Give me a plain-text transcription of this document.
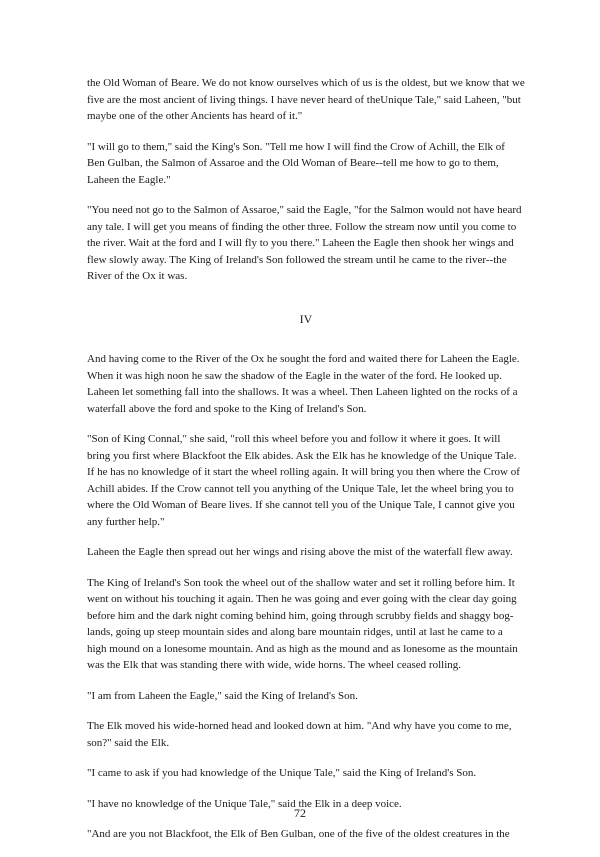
the Old Woman of Beare. We do not know ourselves which of us is the oldest, but we know that we five are the most ancient of living things. I have never heard of theUnique Tale," said Laheen, "but maybe one of the other Ancients has heard of it."

"I will go to them," said the King's Son. "Tell me how I will find the Crow of Achill, the Elk of Ben Gulban, the Salmon of Assaroe and the Old Woman of Beare--tell me how to go to them, Laheen the Eagle."

"You need not go to the Salmon of Assaroe," said the Eagle, "for the Salmon would not have heard any tale. I will get you means of finding the other three. Follow the stream now until you come to the river. Wait at the ford and I will fly to you there." Laheen the Eagle then shook her wings and flew slowly away. The King of Ireland's Son followed the stream until he came to the river--the River of the Ox it was.

IV

And having come to the River of the Ox he sought the ford and waited there for Laheen the Eagle. When it was high noon he saw the shadow of the Eagle in the water of the ford. He looked up. Laheen let something fall into the shallows. It was a wheel. Then Laheen lighted on the rocks of a waterfall above the ford and spoke to the King of Ireland's Son.

"Son of King Connal," she said, "roll this wheel before you and follow it where it goes. It will bring you first where Blackfoot the Elk abides. Ask the Elk has he knowledge of the Unique Tale. If he has no knowledge of it start the wheel rolling again. It will bring you then where the Crow of Achill abides. If the Crow cannot tell you anything of the Unique Tale, let the wheel bring you to where the Old Woman of Beare lives. If she cannot tell you of the Unique Tale, I cannot give you any further help."

Laheen the Eagle then spread out her wings and rising above the mist of the waterfall flew away.

The King of Ireland's Son took the wheel out of the shallow water and set it rolling before him. It went on without his touching it again. Then he was going and ever going with the clear day going before him and the dark night coming behind him, going through scrubby fields and shaggy bog-lands, going up steep mountain sides and along bare mountain ridges, until at last he came to a high mound on a lonesome mountain. And as high as the mound and as lonesome as the mountain was the Elk that was standing there with wide, wide horns. The wheel ceased rolling.

"I am from Laheen the Eagle," said the King of Ireland's Son.

The Elk moved his wide-horned head and looked down at him. "And why have you come to me, son?" said the Elk.

"I came to ask if you had knowledge of the Unique Tale," said the King of Ireland's Son.

"I have no knowledge of the Unique Tale," said the Elk in a deep voice.

"And are you not Blackfoot, the Elk of Ben Gulban, one of the five of the oldest creatures in the

72
